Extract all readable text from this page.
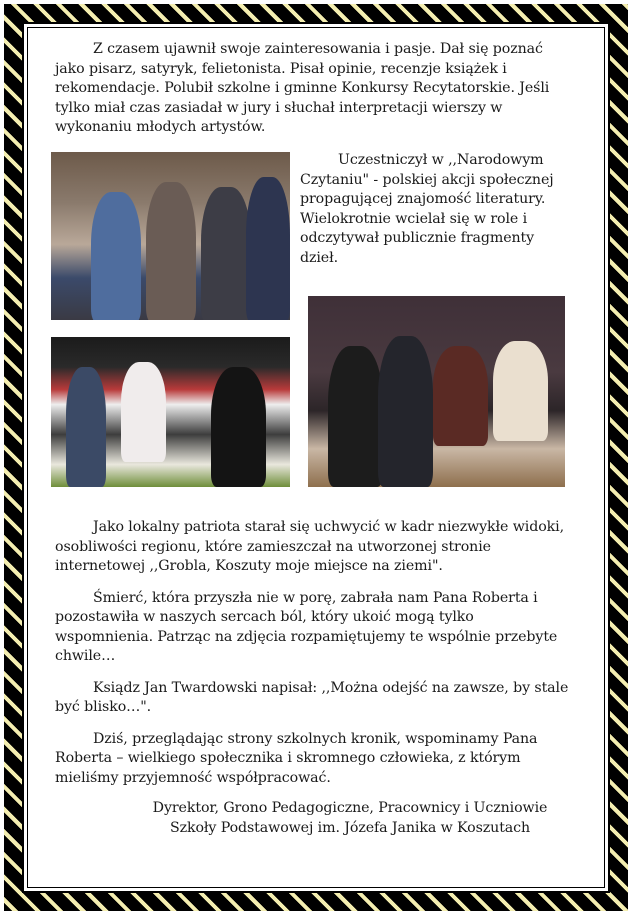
Z czasem ujawnił swoje zainteresowania i pasje. Dał się poznać jako pisarz, satyryk, felietonista. Pisał opinie, recenzje książek i rekomendacje. Polubił szkolne i gminne Konkursy Recytatorskie. Jeśli tylko miał czas zasiadał w jury i słuchał interpretacji wierszy w wykonaniu młodych artystów.

Uczestniczył w ,,Narodowym Czytaniu" - polskiej akcji społecznej propagującej znajomość literatury. Wielokrotnie wcielał się w role i odczytywał publicznie fragmenty dzieł.

Jako lokalny patriota starał się uchwycić w kadr niezwykłe widoki, osobliwości regionu, które zamieszczał na utworzonej stronie internetowej ,,Grobla, Koszuty moje miejsce na ziemi".

Śmierć, która przyszła nie w porę, zabrała nam Pana Roberta i pozostawiła w naszych sercach ból, który ukoić mogą tylko wspomnienia. Patrząc na zdjęcia rozpamiętujemy te wspólnie przebyte chwile…

Ksiądz Jan Twardowski napisał: ,,Można odejść na zawsze, by stale być blisko…".

Dziś, przeglądając strony szkolnych kronik, wspominamy Pana Roberta – wielkiego społecznika i skromnego człowieka, z którym mieliśmy przyjemność współpracować.

Dyrektor, Grono Pedagogiczne, Pracownicy i Uczniowie
Szkoły Podstawowej im. Józefa Janika w Koszutach
